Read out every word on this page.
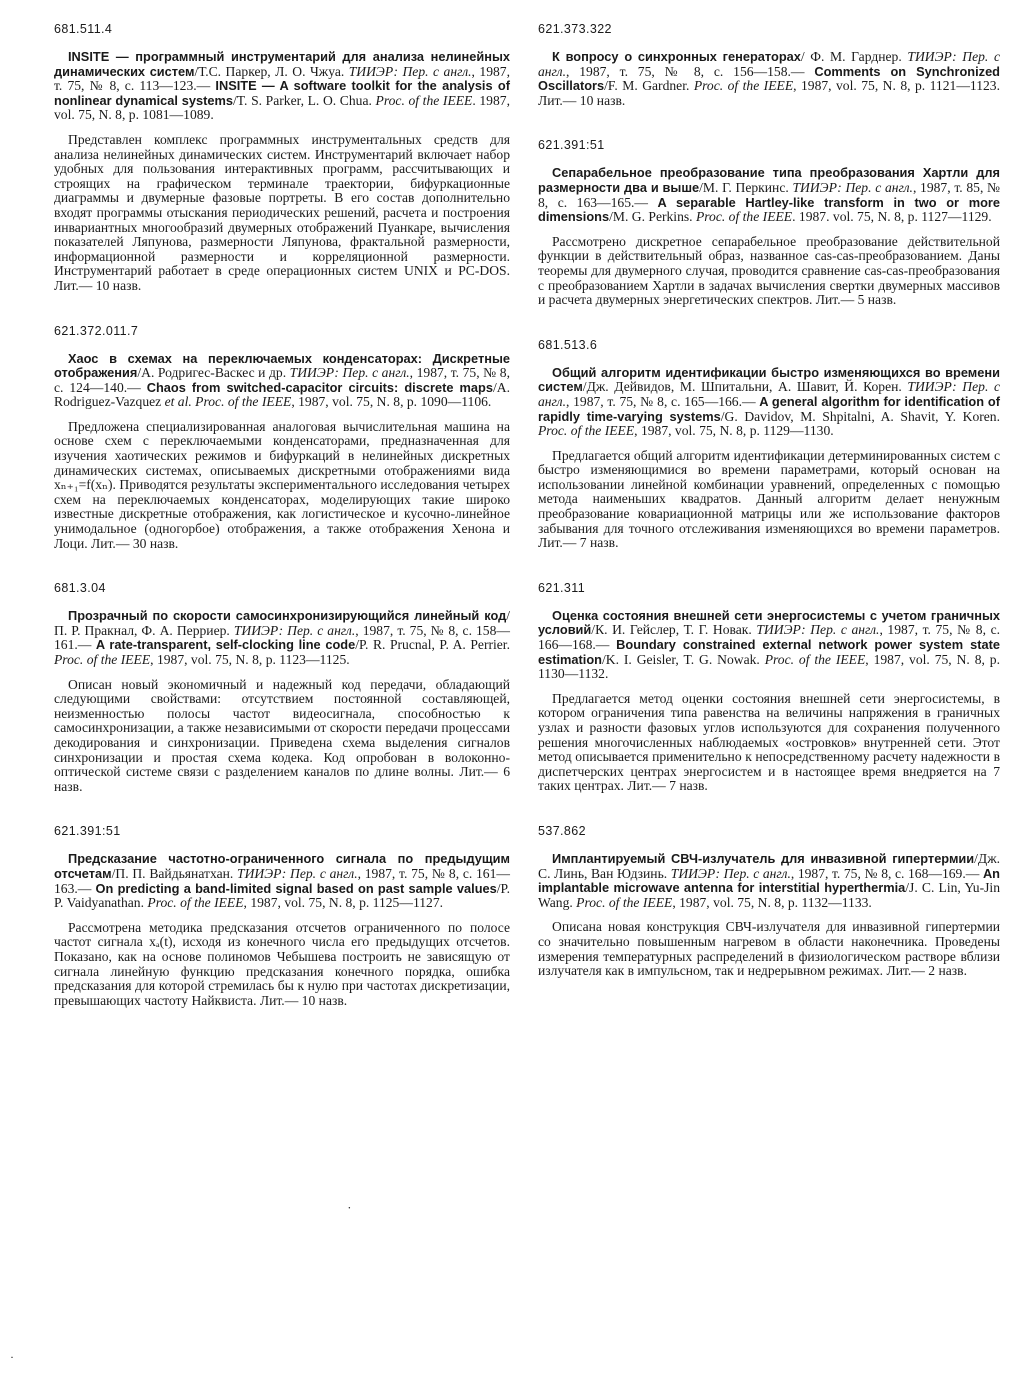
681.511.4

INSITE — программный инструментарий для анализа нелинейных динамических систем/Т.С. Паркер, Л. О. Чжуа. ТИИЭР: Пер. с англ., 1987, т. 75, № 8, с. 113—123.— INSITE — A software toolkit for the analysis of nonlinear dynamical systems/T. S. Parker, L. O. Chua. Proc. of the IEEE. 1987, vol. 75, N. 8, p. 1081—1089.

Представлен комплекс программных инструментальных средств для анализа нелинейных динамических систем. Инструментарий включает набор удобных для пользования интерактивных программ, рассчитывающих и строящих на графическом терминале траектории, бифуркационные диаграммы и двумерные фазовые портреты. В его состав дополнительно входят программы отыскания периодических решений, расчета и построения инвариантных многообразий двумерных отображений Пуанкаре, вычисления показателей Ляпунова, размерности Ляпунова, фрактальной размерности, информационной размерности и корреляционной размерности. Инструментарий работает в среде операционных систем UNIX и PC-DOS. Лит.— 10 назв.

621.372.011.7

Хаос в схемах на переключаемых конденсаторах: Дискретные отображения/А. Родригес-Васкес и др. ТИИЭР: Пер. с англ., 1987, т. 75, № 8, с. 124—140.— Chaos from switched-capacitor circuits: discrete maps/A. Rodriguez-Vazquez et al. Proc. of the IEEE, 1987, vol. 75, N. 8, p. 1090—1106.

Предложена специализированная аналоговая вычислительная машина на основе схем с переключаемыми конденсаторами, предназначенная для изучения хаотических режимов и бифуркаций в нелинейных дискретных динамических системах, описываемых дискретными отображениями вида xₙ₊₁=f(xₙ). Приводятся результаты экспериментального исследования четырех схем на переключаемых конденсаторах, моделирующих такие широко известные дискретные отображения, как логистическое и кусочно-линейное унимодальное (одногорбое) отображения, а также отображения Хенона и Лоци. Лит.— 30 назв.

681.3.04

Прозрачный по скорости самосинхронизирующийся линейный код/П. Р. Пракнал, Ф. А. Перриер. ТИИЭР: Пер. с англ., 1987, т. 75, № 8, с. 158—161.— A rate-transparent, self-clocking line code/P. R. Prucnal, P. A. Perrier. Proc. of the IEEE, 1987, vol. 75, N. 8, p. 1123—1125.

Описан новый экономичный и надежный код передачи, обладающий следующими свойствами: отсутствием постоянной составляющей, неизменностью полосы частот видеосигнала, способностью к самосинхронизации, а также независимыми от скорости передачи процессами декодирования и синхронизации. Приведена схема выделения сигналов синхронизации и простая схема кодека. Код опробован в волоконно-оптической системе связи с разделением каналов по длине волны. Лит.— 6 назв.

621.391:51

Предсказание частотно-ограниченного сигнала по предыдущим отсчетам/П. П. Вайдьянатхан. ТИИЭР: Пер. с англ., 1987, т. 75, № 8, с. 161—163.— On predicting a band-limited signal based on past sample values/P. P. Vaidyanathan. Proc. of the IEEE, 1987, vol. 75, N. 8, p. 1125—1127.

Рассмотрена методика предсказания отсчетов ограниченного по полосе частот сигнала xₐ(t), исходя из конечного числа его предыдущих отсчетов. Показано, как на основе полиномов Чебышева построить не зависящую от сигнала линейную функцию предсказания конечного порядка, ошибка предсказания для которой стремилась бы к нулю при частотах дискретизации, превышающих частоту Найквиста. Лит.— 10 назв.

621.373.322

К вопросу о синхронных генераторах/ Ф. М. Гарднер. ТИИЭР: Пер. с англ., 1987, т. 75, № 8, с. 156—158.— Comments on Synchronized Oscillators/F. M. Gardner. Proc. of the IEEE, 1987, vol. 75, N. 8, p. 1121—1123. Лит.— 10 назв.

621.391:51

Сепарабельное преобразование типа преобразования Хартли для размерности два и выше/М. Г. Перкинс. ТИИЭР: Пер. с англ., 1987, т. 85, № 8, с. 163—165.— A separable Hartley-like transform in two or more dimensions/M. G. Perkins. Proc. of the IEEE. 1987. vol. 75, N. 8, p. 1127—1129.

Рассмотрено дискретное сепарабельное преобразование действительной функции в действительный образ, названное cas-cas-преобразованием. Даны теоремы для двумерного случая, проводится сравнение cas-cas-преобразования с преобразованием Хартли в задачах вычисления свертки двумерных массивов и расчета двумерных энергетических спектров. Лит.— 5 назв.

681.513.6

Общий алгоритм идентификации быстро изменяющихся во времени систем/Дж. Дейвидов, М. Шпитальни, А. Шавит, Й. Корен. ТИИЭР: Пер. с англ., 1987, т. 75, № 8, с. 165—166.— A general algorithm for identification of rapidly time-varying systems/G. Davidov, M. Shpitalni, A. Shavit, Y. Koren. Proc. of the IEEE, 1987, vol. 75, N. 8, p. 1129—1130.

Предлагается общий алгоритм идентификации детерминированных систем с быстро изменяющимися во времени параметрами, который основан на использовании линейной комбинации уравнений, определенных с помощью метода наименьших квадратов. Данный алгоритм делает ненужным преобразование ковариационной матрицы или же использование факторов забывания для точного отслеживания изменяющихся во времени параметров. Лит.— 7 назв.

621.311

Оценка состояния внешней сети энергосистемы с учетом граничных условий/К. И. Гейслер, Т. Г. Новак. ТИИЭР: Пер. с англ., 1987, т. 75, № 8, с. 166—168.— Boundary constrained external network power system state estimation/K. I. Geisler, T. G. Nowak. Proc. of the IEEE, 1987, vol. 75, N. 8, p. 1130—1132.

Предлагается метод оценки состояния внешней сети энергосистемы, в котором ограничения типа равенства на величины напряжения в граничных узлах и разности фазовых углов используются для сохранения полученного решения многочисленных наблюдаемых «островков» внутренней сети. Этот метод описывается применительно к непосредственному расчету надежности в диспетчерских центрах энергосистем и в настоящее время внедряется на 7 таких центрах. Лит.— 7 назв.

537.862

Имплантируемый СВЧ-излучатель для инвазивной гипертермии/Дж. С. Линь, Ван Юдзинь. ТИИЭР: Пер. с англ., 1987, т. 75, № 8, с. 168—169.— An implantable microwave antenna for interstitial hyperthermia/J. C. Lin, Yu-Jin Wang. Proc. of the IEEE, 1987, vol. 75, N. 8, p. 1132—1133.

Описана новая конструкция СВЧ-излучателя для инвазивной гипертермии со значительно повышенным нагревом в области наконечника. Проведены измерения температурных распределений в физиологическом растворе вблизи излучателя как в импульсном, так и недрерывном режимах. Лит.— 2 назв.

˙
·
